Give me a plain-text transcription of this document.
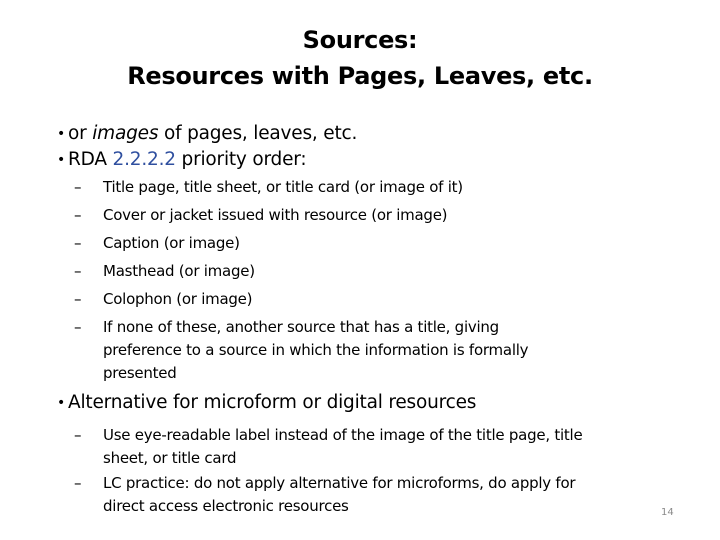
Sources:
Resources with Pages, Leaves, etc.
• or images of pages, leaves, etc.
• RDA 2.2.2.2 priority order:
– Title page, title sheet, or title card (or image of it)
– Cover or jacket issued with resource (or image)
– Caption (or image)
– Masthead (or image)
– Colophon (or image)
– If none of these, another source that has a title, giving
preference to a source in which the information is formally
presented
• Alternative for microform or digital resources
– Use eye-readable label instead of the image of the title page, title
sheet, or title card
– LC practice: do not apply alternative for microforms, do apply for
direct access electronic resources	14
